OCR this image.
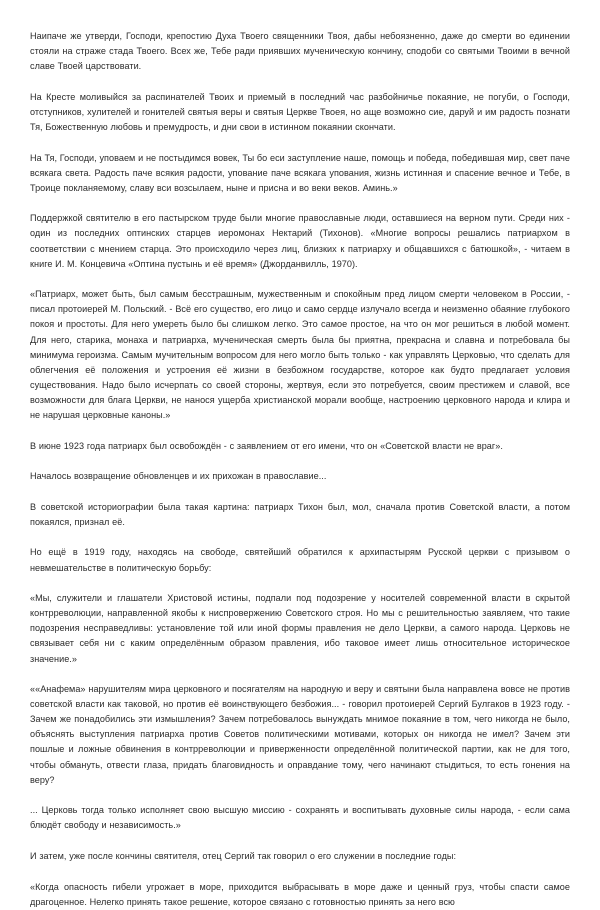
Наипаче же утверди, Господи, крепостию Духа Твоего священники Твоя, дабы небоязненно, даже до смерти во единении стояли на страже стада Твоего. Всех же, Тебе ради приявших мученическую кончину, сподоби со святыми Твоими в вечной славе Твоей царствовати.

На Кресте моливыйся за распинателей Твоих и приемый в последний час разбойничье покаяние, не погуби, о Господи, отступников, хулителей и гонителей святыя веры и святыя Церкве Твоея, но аще возможно сие, даруй и им радость познати Тя, Божественную любовь и премудрость, и дни свои в истинном покаянии скончати.

На Тя, Господи, уповаем и не постыдимся вовек, Ты бо еси заступление наше, помощь и победа, победившая мир, свет паче всякага света. Радость паче всякия радости, упование паче всякага упования, жизнь истинная и спасение вечное и Тебе, в Троице покланяемому, славу вси возсылаем, ныне и присна и во веки веков. Аминь.»

Поддержкой святителю в его пастырском труде были многие православные люди, оставшиеся на верном пути. Среди них - один из последних оптинских старцев иеромонах Нектарий (Тихонов). «Многие вопросы решались патриархом в соответствии с мнением старца. Это происходило через лиц, близких к патриарху и общавшихся с батюшкой», - читаем в книге И. М. Концевича «Оптина пустынь и её время» (Джорданвилль, 1970).

«Патриарх, может быть, был самым бесстрашным, мужественным и спокойным пред лицом смерти человеком в России, - писал протоиерей М. Польский. - Всё его существо, его лицо и само сердце излучало всегда и неизменно обаяние глубокого покоя и простоты. Для него умереть было бы слишком легко. Это самое простое, на что он мог решиться в любой момент. Для него, старика, монаха и патриарха, мученическая смерть была бы приятна, прекрасна и славна и потребовала бы минимума героизма. Самым мучительным вопросом для него могло быть только - как управлять Церковью, что сделать для облегчения её положения и устроения её жизни в безбожном государстве, которое как будто предлагает условия существования. Надо было исчерпать со своей стороны, жертвуя, если это потребуется, своим престижем и славой, все возможности для блага Церкви, не нанося ущерба христианской морали вообще, настроению церковного народа и клира и не нарушая церковные каноны.»

В июне 1923 года патриарх был освобождён - с заявлением от его имени, что он «Советской власти не враг».

Началось возвращение обновленцев и их прихожан в православие...

В советской историографии была такая картина: патриарх Тихон был, мол, сначала против Советской власти, а потом покаялся, признал её.

Но ещё в 1919 году, находясь на свободе, святейший обратился к архипастырям Русской церкви с призывом о невмешательстве в политическую борьбу:

«Мы, служители и глашатели Христовой истины, подпали под подозрение у носителей современной власти в скрытой контрреволюции, направленной якобы к ниспровержению Советского строя. Но мы с решительностью заявляем, что такие подозрения несправедливы: установление той или иной формы правления не дело Церкви, а самого народа. Церковь не связывает себя ни с каким определённым образом правления, ибо таковое имеет лишь относительное историческое значение.»

««Анафема» нарушителям мира церковного и посягателям на народную и веру и святыни была направлена вовсе не против советской власти как таковой, но против её воинствующего безбожия... - говорил протоиерей Сергий Булгаков в 1923 году. - Зачем же понадобились эти измышления? Зачем потребовалось вынуждать мнимое покаяние в том, чего никогда не было, объяснять выступления патриарха против Советов политическими мотивами, которых он никогда не имел? Зачем эти пошлые и ложные обвинения в контрреволюции и приверженности определённой политической партии, как не для того, чтобы обмануть, отвести глаза, придать благовидность и оправдание тому, чего начинают стыдиться, то есть гонения на веру?

... Церковь тогда только исполняет свою высшую миссию - сохранять и воспитывать духовные силы народа, - если сама блюдёт свободу и независимость.»

И затем, уже после кончины святителя, отец Сергий так говорил о его служении в последние годы:

«Когда опасность гибели угрожает в море, приходится выбрасывать в море даже и ценный груз, чтобы спасти самое драгоценное. Нелегко принять такое решение, которое связано с готовностью принять за него всю
